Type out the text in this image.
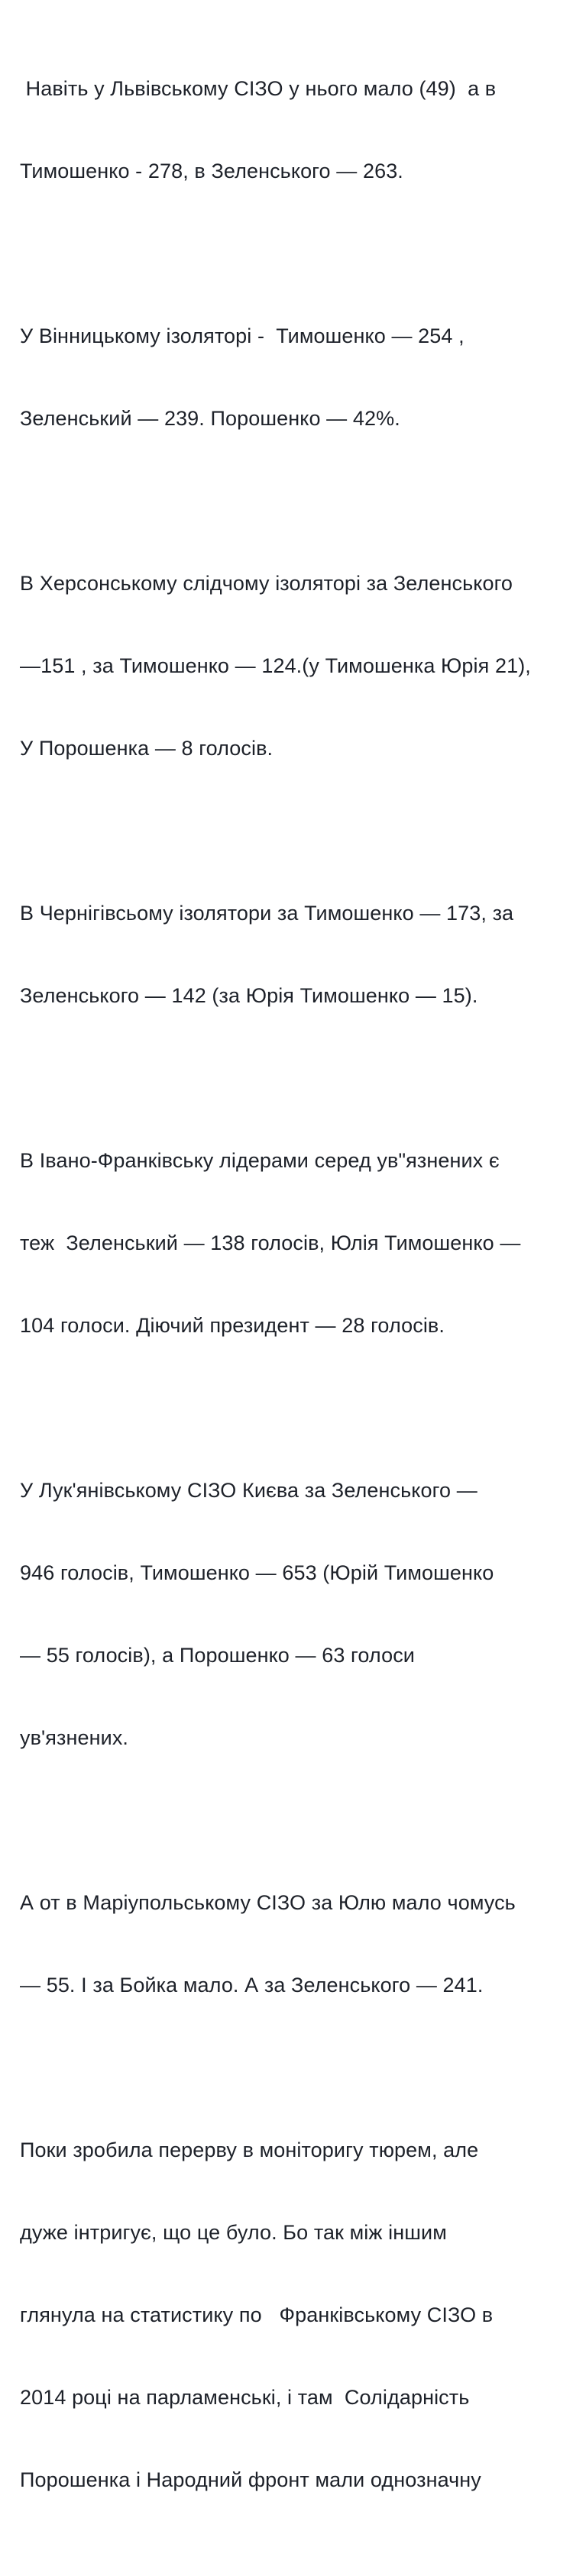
Навіть у Львівському СІЗО у нього мало (49)  а в

Тимошенко - 278, в Зеленського — 263.

У Вінницькому ізоляторі -  Тимошенко — 254 ,

Зеленський — 239. Порошенко — 42%.

В Херсонському слідчому ізоляторі за Зеленського

—151 , за Тимошенко — 124.(у Тимошенка Юрія 21),

У Порошенка — 8 голосів.

В Чернігівсьому ізолятори за Тимошенко — 173, за

Зеленського — 142 (за Юрія Тимошенко — 15).

В Івано-Франківську лідерами серед ув"язнених є

теж  Зеленський — 138 голосів, Юлія Тимошенко —

104 голоси. Діючий президент — 28 голосів.

У Лук'янівському СІЗО Києва за Зеленського —

946 голосів, Тимошенко — 653 (Юрій Тимошенко

— 55 голосів), а Порошенко — 63 голоси

ув'язнених.

А от в Маріупольському СІЗО за Юлю мало чомусь

— 55. І за Бойка мало. А за Зеленського — 241.

Поки зробила перерву в моніторигу тюрем, але

дуже інтригує, що це було. Бо так між іншим

глянула на статистику по   Франківському СІЗО в

2014 році на парламенські, і там  Солідарність

Порошенка і Народний фронт мали однозначну
